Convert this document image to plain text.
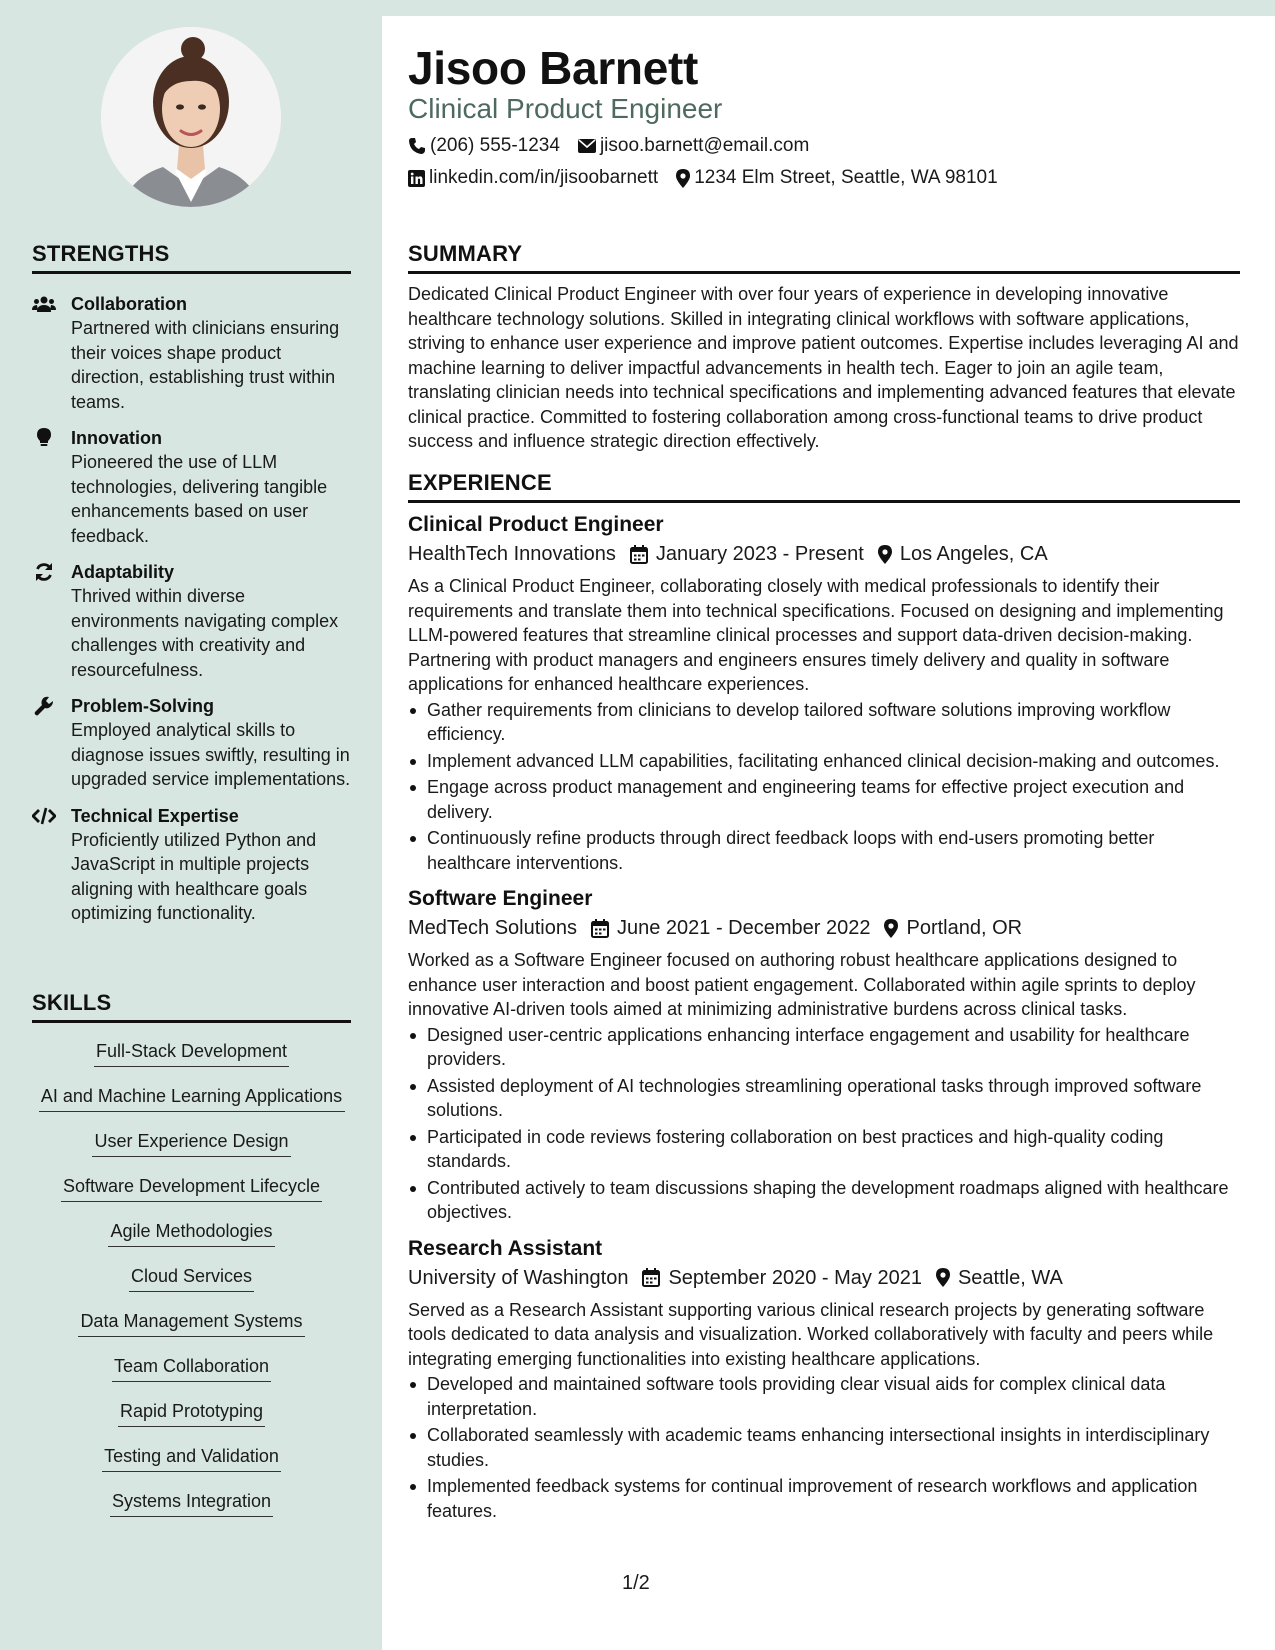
STRENGTHS
Collaboration
Partnered with clinicians ensuring their voices shape product direction, establishing trust within teams.
Innovation
Pioneered the use of LLM technologies, delivering tangible enhancements based on user feedback.
Adaptability
Thrived within diverse environments navigating complex challenges with creativity and resourcefulness.
Problem-Solving
Employed analytical skills to diagnose issues swiftly, resulting in upgraded service implementations.
Technical Expertise
Proficiently utilized Python and JavaScript in multiple projects aligning with healthcare goals optimizing functionality.
SKILLS
Full-Stack Development
AI and Machine Learning Applications
User Experience Design
Software Development Lifecycle
Agile Methodologies
Cloud Services
Data Management Systems
Team Collaboration
Rapid Prototyping
Testing and Validation
Systems Integration
Jisoo Barnett
Clinical Product Engineer
(206) 555-1234 jisoo.barnett@email.com
linkedin.com/in/jisoobarnett 1234 Elm Street, Seattle, WA 98101
SUMMARY
Dedicated Clinical Product Engineer with over four years of experience in developing innovative healthcare technology solutions. Skilled in integrating clinical workflows with software applications, striving to enhance user experience and improve patient outcomes. Expertise includes leveraging AI and machine learning to deliver impactful advancements in health tech. Eager to join an agile team, translating clinician needs into technical specifications and implementing advanced features that elevate clinical practice. Committed to fostering collaboration among cross-functional teams to drive product success and influence strategic direction effectively.
EXPERIENCE
Clinical Product Engineer
HealthTech Innovations January 2023 - Present Los Angeles, CA
As a Clinical Product Engineer, collaborating closely with medical professionals to identify their requirements and translate them into technical specifications. Focused on designing and implementing LLM-powered features that streamline clinical processes and support data-driven decision-making. Partnering with product managers and engineers ensures timely delivery and quality in software applications for enhanced healthcare experiences.
Gather requirements from clinicians to develop tailored software solutions improving workflow efficiency.
Implement advanced LLM capabilities, facilitating enhanced clinical decision-making and outcomes.
Engage across product management and engineering teams for effective project execution and delivery.
Continuously refine products through direct feedback loops with end-users promoting better healthcare interventions.
Software Engineer
MedTech Solutions June 2021 - December 2022 Portland, OR
Worked as a Software Engineer focused on authoring robust healthcare applications designed to enhance user interaction and boost patient engagement. Collaborated within agile sprints to deploy innovative AI-driven tools aimed at minimizing administrative burdens across clinical tasks.
Designed user-centric applications enhancing interface engagement and usability for healthcare providers.
Assisted deployment of AI technologies streamlining operational tasks through improved software solutions.
Participated in code reviews fostering collaboration on best practices and high-quality coding standards.
Contributed actively to team discussions shaping the development roadmaps aligned with healthcare objectives.
Research Assistant
University of Washington September 2020 - May 2021 Seattle, WA
Served as a Research Assistant supporting various clinical research projects by generating software tools dedicated to data analysis and visualization. Worked collaboratively with faculty and peers while integrating emerging functionalities into existing healthcare applications.
Developed and maintained software tools providing clear visual aids for complex clinical data interpretation.
Collaborated seamlessly with academic teams enhancing intersectional insights in interdisciplinary studies.
Implemented feedback systems for continual improvement of research workflows and application features.
1/2
